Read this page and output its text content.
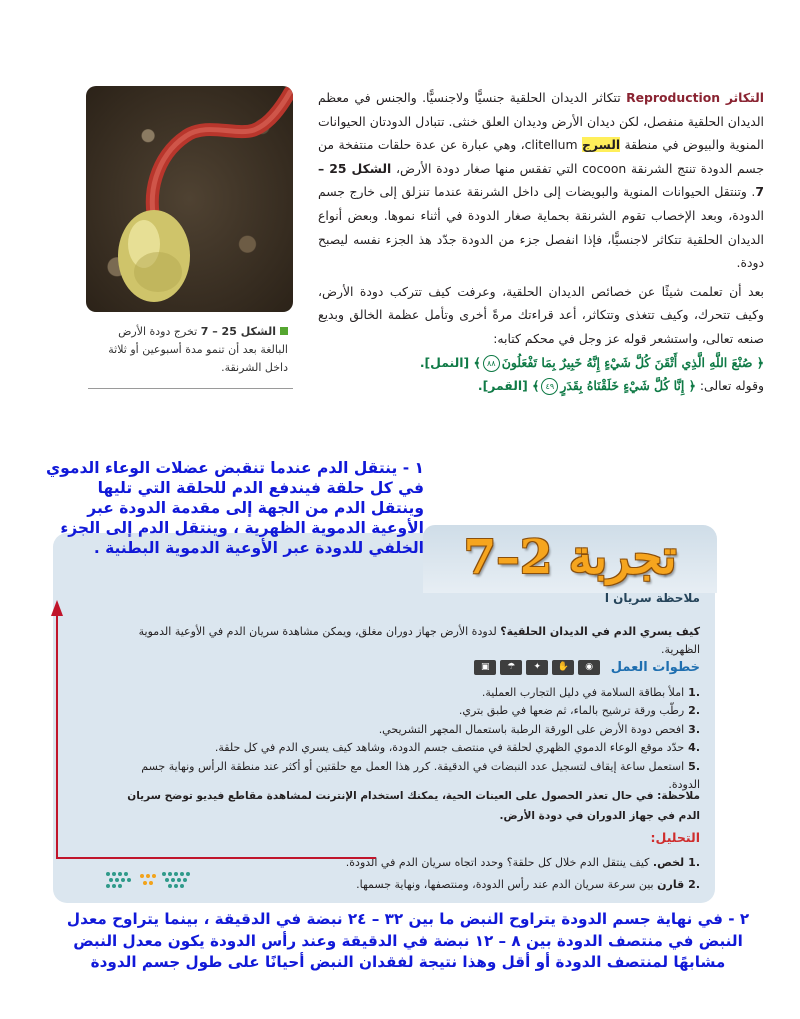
الشكل 25 – 7 تخرج دودة الأرض البالغة بعد أن تنمو مدة أسبوعين أو ثلاثة داخل الشرنقة.

التكاثر Reproduction تتكاثر الديدان الحلقية جنسيًّا ولاجنسيًّا. والجنس في معظم الديدان الحلقية منفصل، لكن ديدان الأرض وديدان العلق خنثى. تتبادل الدودتان الحيوانات المنوية والبيوض في منطقة السرج clitellum، وهي عبارة عن عدة حلقات منتفخة من جسم الدودة تنتج الشرنقة cocoon التي تفقس منها صغار دودة الأرض، الشكل 25 – 7. وتنتقل الحيوانات المنوية والبويضات إلى داخل الشرنقة عندما تنزلق إلى خارج جسم الدودة، وبعد الإخصاب تقوم الشرنقة بحماية صغار الدودة في أثناء نموها. وبعض أنواع الديدان الحلقية تتكاثر لاجنسيًّا، فإذا انفصل جزء من الدودة جدّد هذ الجزء نفسه ليصبح دودة.

بعد أن تعلمت شيئًا عن خصائص الديدان الحلقية، وعرفت كيف تتركب دودة الأرض، وكيف تتحرك، وكيف تتغذى وتتكاثر، أعد قراءتك مرةً أخرى وتأمل عظمة الخالق وبديع صنعه تعالى، واستشعر قوله عز وجل في محكم كتابه:
﴿ صُنْعَ اللَّهِ الَّذِي أَتْقَنَ كُلَّ شَيْءٍ إِنَّهُ خَبِيرٌ بِمَا تَفْعَلُونَ٨٨﴾ [النمل].
وقوله تعالى: ﴿ إِنَّا كُلَّ شَيْءٍ خَلَقْنَاهُ بِقَدَرٍ٤٩﴾ [القمر].

تجربة 2–7
ملاحظة سريان ا
كيف يسري الدم في الديدان الحلقية؟ لدودة الأرض جهاز دوران مغلق، ويمكن مشاهدة سريان الدم في الأوعية الدموية الظهرية.
خطوات العمل
◉
✋
✦
☂
▣
.1املأ بطاقة السلامة في دليل التجارب العملية.
.2رطّب ورقة ترشيح بالماء، ثم ضعها في طبق بتري.
.3افحص دودة الأرض على الورقة الرطبة باستعمال المجهر التشريحي.
.4حدّد موقع الوعاء الدموي الظهري لحلقة في منتصف جسم الدودة، وشاهد كيف يسري الدم في كل حلقة.
.5استعمل ساعة إيقاف لتسجيل عدد النبضات في الدقيقة. كرر هذا العمل مع حلقتين أو أكثر عند منطقة الرأس ونهاية جسم الدودة.
ملاحظة: في حال تعذر الحصول على العينات الحية، يمكنك استخدام الإنترنت لمشاهدة مقاطع فيديو توضح سريان الدم في جهاز الدوران في دودة الأرض.
التحليل:
.1لخص. كيف ينتقل الدم خلال كل حلقة؟ وحدد اتجاه سريان الدم في الدودة.
.2قارن بين سرعة سريان الدم عند رأس الدودة، ومنتصفها، ونهاية جسمها.
١ - ينتقل الدم عندما تنقبض عضلات الوعاء الدموي في كل حلقة فيندفع الدم للحلقة التي تليها وينتقل الدم من الجهة إلى مقدمة الدودة عبر الأوعية الدموية الظهرية ، وينتقل الدم إلى الجزء الخلفي للدودة عبر الأوعية الدموية البطنية .
٢ - في نهاية جسم الدودة يتراوح النبض ما بين ٣٢ – ٢٤ نبضة في الدقيقة ، بينما يتراوح معدل النبض في منتصف الدودة بين ٨ – ١٢ نبضة في الدقيقة وعند رأس الدودة يكون معدل النبض مشابهًا لمنتصف الدودة أو أقل وهذا نتيجة لفقدان النبض أحيانًا على طول جسم الدودة
